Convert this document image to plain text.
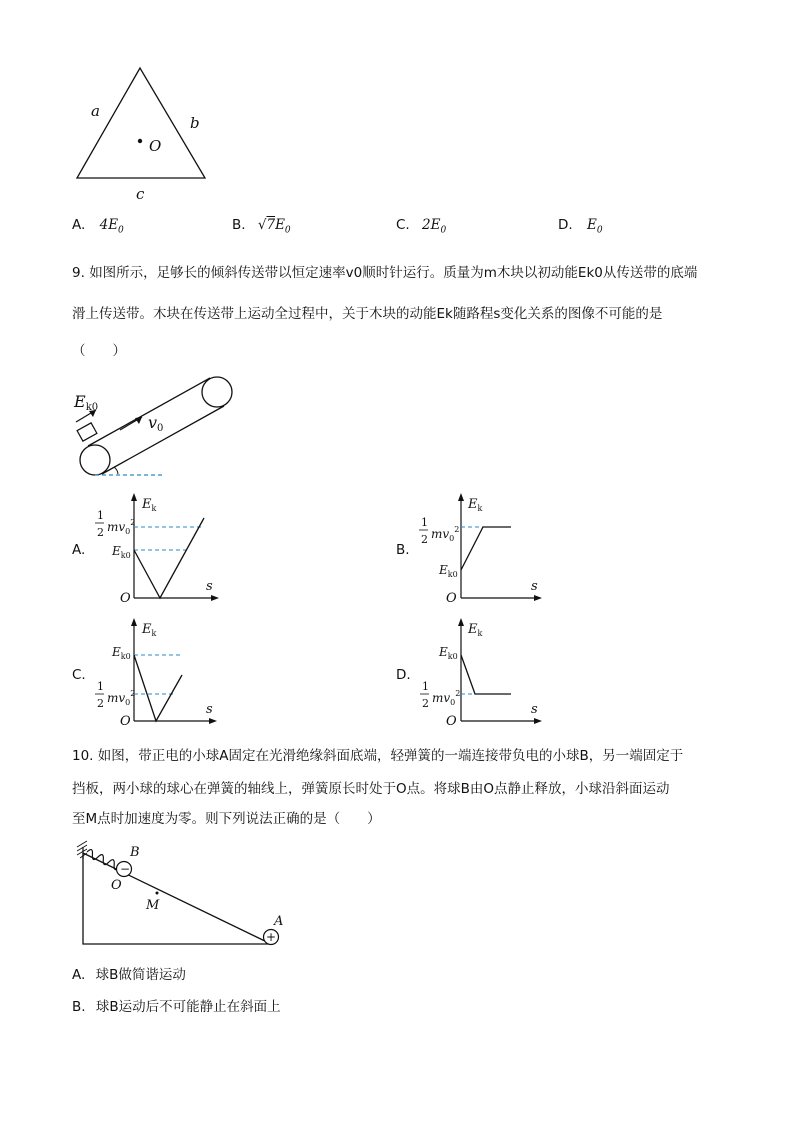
a
b
c
O
A. $4E_0$	B. $√7E_0$	C. $2E_0$	D. $E_0$
9. 如图所示，足够长的倾斜传送带以恒定速率v0顺时针运行。质量为m木块以初动能Ek0从传送带的底端
滑上传送带。木块在传送带上运动全过程中，关于木块的动能Ek随路程s变化关系的图像不可能的是
（　　）
Ek0
v0
A.
$E_k$
s
O
1
2 $mv_0^2$
$E_{k0}$	B.
$E_k$
s
O
1
2 $mv_0^2$
$E_{k0}$
C.
$E_k$
s
O
$E_{k0}$
1
2 $mv_0^2$
D.
$E_k$
s
O
$E_{k0}$
1
2 $mv_0^2$
10. 如图，带正电的小球A固定在光滑绝缘斜面底端，轻弹簧的一端连接带负电的小球B，另一端固定于
挡板，两小球的球心在弹簧的轴线上，弹簧原长时处于O点。将球B由O点静止释放，小球沿斜面运动
至M点时加速度为零。则下列说法正确的是（　　）
−
B
O
M
+
A
A. 球B做简谐运动
B. 球B运动后不可能静止在斜面上
